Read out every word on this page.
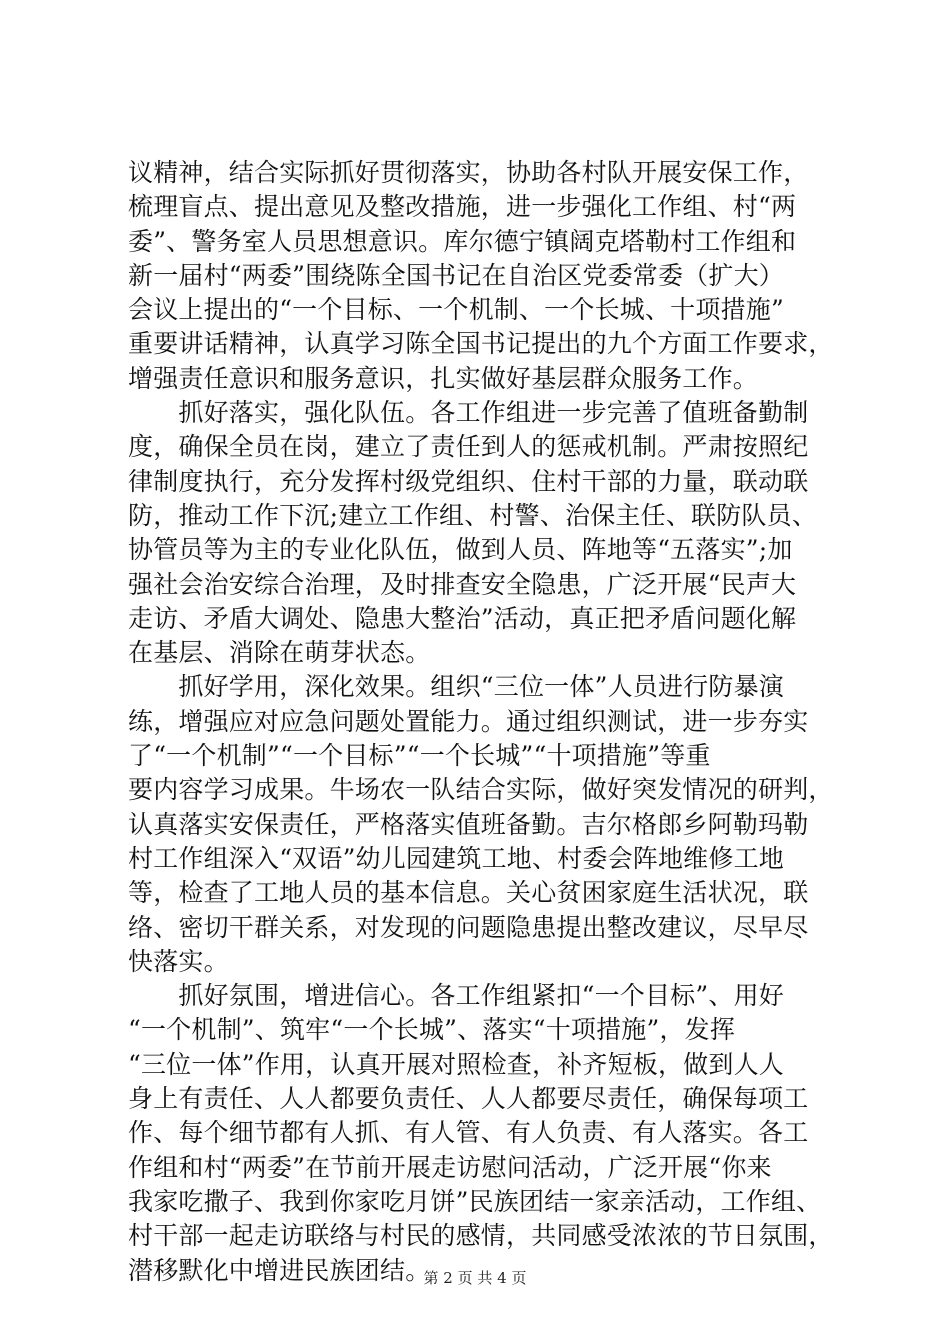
议精神，结合实际抓好贯彻落实，协助各村队开展安保工作，
梳理盲点、提出意见及整改措施，进一步强化工作组、村“两
委”、警务室人员思想意识。库尔德宁镇阔克塔勒村工作组和
新一届村“两委”围绕陈全国书记在自治区党委常委（扩大）
会议上提出的“一个目标、一个机制、一个长城、十项措施”
重要讲话精神，认真学习陈全国书记提出的九个方面工作要求，
增强责任意识和服务意识，扎实做好基层群众服务工作。
　　抓好落实，强化队伍。各工作组进一步完善了值班备勤制
度，确保全员在岗，建立了责任到人的惩戒机制。严肃按照纪
律制度执行，充分发挥村级党组织、住村干部的力量，联动联
防，推动工作下沉;建立工作组、村警、治保主任、联防队员、
协管员等为主的专业化队伍，做到人员、阵地等“五落实”;加
强社会治安综合治理，及时排查安全隐患，广泛开展“民声大
走访、矛盾大调处、隐患大整治”活动，真正把矛盾问题化解
在基层、消除在萌芽状态。
　　抓好学用，深化效果。组织“三位一体”人员进行防暴演
练，增强应对应急问题处置能力。通过组织测试，进一步夯实
了“一个机制”“一个目标”“一个长城”“十项措施”等重
要内容学习成果。牛场农一队结合实际，做好突发情况的研判，
认真落实安保责任，严格落实值班备勤。吉尔格郎乡阿勒玛勒
村工作组深入“双语”幼儿园建筑工地、村委会阵地维修工地
等，检查了工地人员的基本信息。关心贫困家庭生活状况，联
络、密切干群关系，对发现的问题隐患提出整改建议，尽早尽
快落实。
　　抓好氛围，增进信心。各工作组紧扣“一个目标”、用好
“一个机制”、筑牢“一个长城”、落实“十项措施”，发挥
“三位一体”作用，认真开展对照检查，补齐短板，做到人人
身上有责任、人人都要负责任、人人都要尽责任，确保每项工
作、每个细节都有人抓、有人管、有人负责、有人落实。各工
作组和村“两委”在节前开展走访慰问活动，广泛开展“你来
我家吃撒子、我到你家吃月饼”民族团结一家亲活动，工作组、
村干部一起走访联络与村民的感情，共同感受浓浓的节日氛围，
潜移默化中增进民族团结。
第 2 页 共 4 页
